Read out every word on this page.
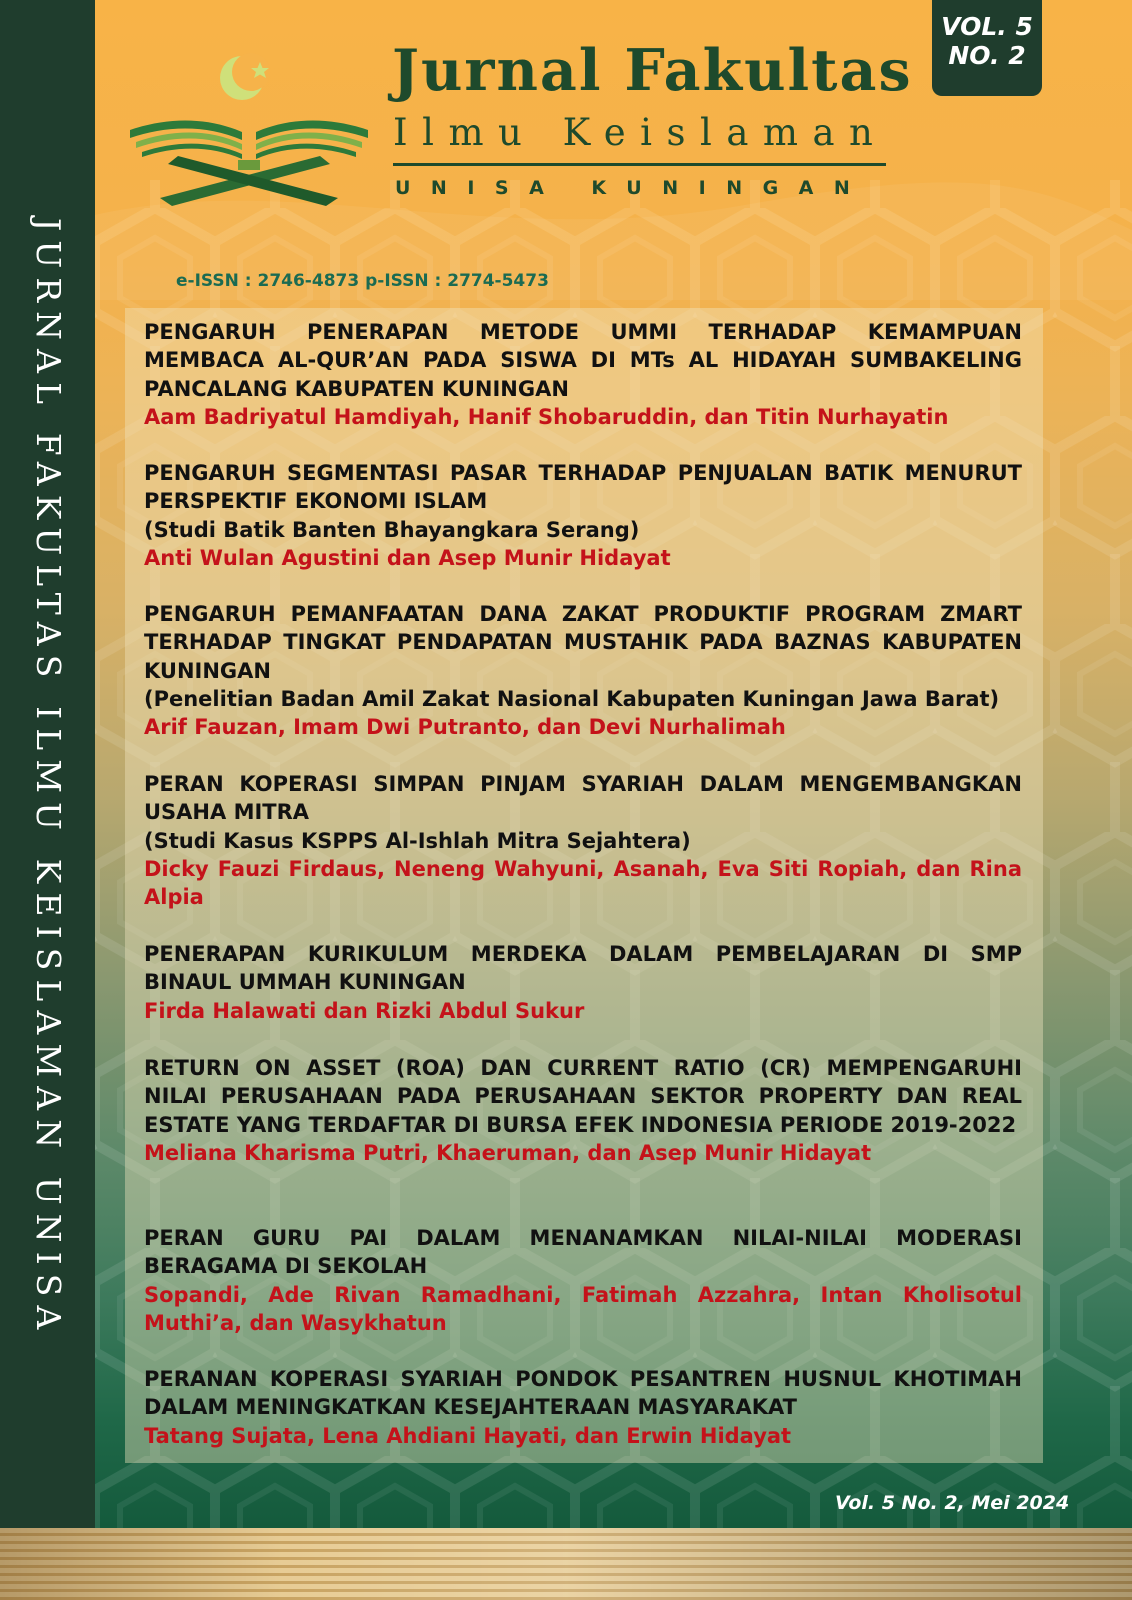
JURNAL FAKULTAS ILMU KEISLAMAN UNISA
VOL. 5
NO. 2
Jurnal Fakultas
Ilmu Keislaman
UNISA KUNINGAN
e-ISSN : 2746-4873 p-ISSN : 2774-5473

PENGARUH PENERAPAN METODE UMMI TERHADAP KEMAMPUAN MEMBACA AL-QUR’AN PADA SISWA DI MTs AL HIDAYAH SUMBAKELING PANCALANG KABUPATEN KUNINGAN

Aam Badriyatul Hamdiyah, Hanif Shobaruddin, dan Titin Nurhayatin

PENGARUH SEGMENTASI PASAR TERHADAP PENJUALAN BATIK MENURUT PERSPEKTIF EKONOMI ISLAM

(Studi Batik Banten Bhayangkara Serang)

Anti Wulan Agustini dan Asep Munir Hidayat

PENGARUH PEMANFAATAN DANA ZAKAT PRODUKTIF PROGRAM ZMART TERHADAP TINGKAT PENDAPATAN MUSTAHIK PADA BAZNAS KABUPATEN KUNINGAN

(Penelitian Badan Amil Zakat Nasional Kabupaten Kuningan Jawa Barat)

Arif Fauzan, Imam Dwi Putranto, dan Devi Nurhalimah

PERAN KOPERASI SIMPAN PINJAM SYARIAH DALAM MENGEMBANGKAN USAHA MITRA

(Studi Kasus KSPPS Al-Ishlah Mitra Sejahtera)

Dicky Fauzi Firdaus, Neneng Wahyuni, Asanah, Eva Siti Ropiah, dan Rina Alpia

PENERAPAN KURIKULUM MERDEKA DALAM PEMBELAJARAN DI SMP BINAUL UMMAH KUNINGAN

Firda Halawati dan Rizki Abdul Sukur

RETURN ON ASSET (ROA) DAN CURRENT RATIO (CR) MEMPENGARUHI NILAI PERUSAHAAN PADA PERUSAHAAN SEKTOR PROPERTY DAN REAL ESTATE YANG TERDAFTAR DI BURSA EFEK INDONESIA PERIODE 2019-2022

Meliana Kharisma Putri, Khaeruman, dan Asep Munir Hidayat

PERAN GURU PAI DALAM MENANAMKAN NILAI-NILAI MODERASI BERAGAMA DI SEKOLAH

Sopandi, Ade Rivan Ramadhani, Fatimah Azzahra, Intan Kholisotul Muthi’a, dan Wasykhatun

PERANAN KOPERASI SYARIAH PONDOK PESANTREN HUSNUL KHOTIMAH DALAM MENINGKATKAN KESEJAHTERAAN MASYARAKAT

Tatang Sujata, Lena Ahdiani Hayati, dan Erwin Hidayat

Vol. 5 No. 2, Mei 2024
